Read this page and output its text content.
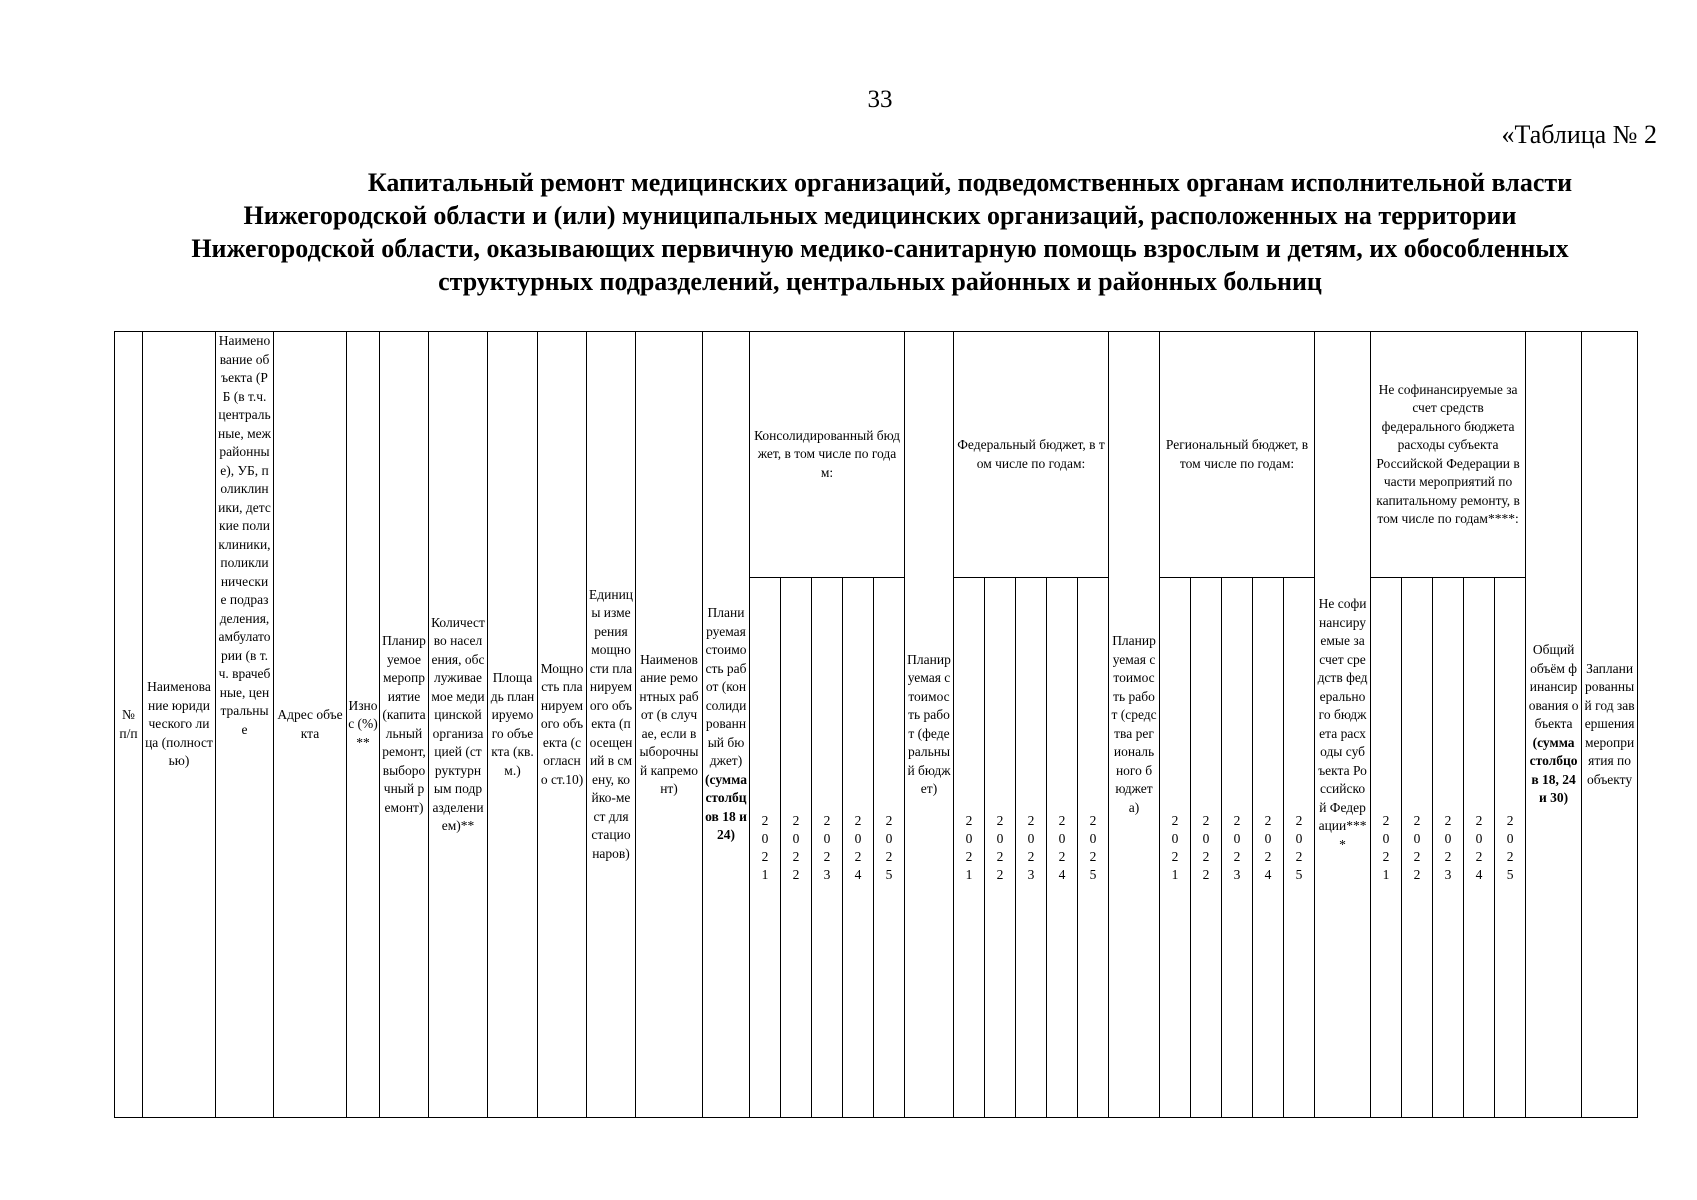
33
«Таблица № 2
Капитальный ремонт медицинских организаций, подведомственных органам исполнительной власти
Нижегородской области и (или) муниципальных медицинских организаций, расположенных на территории
Нижегородской области, оказывающих первичную медико-санитарную помощь взрослым и детям, их обособленных
структурных подразделений, центральных районных и районных больниц
№ п/п	Наименование юридического лица (полностью)	Наименование объекта (РБ (в т.ч. центральные, межрайонные), УБ, поликлиники, детские поликлиники, поликлинические подразделения, амбулатории (в т.ч. врачебные, центральные	Адрес объекта	Износ (%)**	Планируемое мероприятие (капитальный ремонт, выборочный ремонт)	Количество населения, обслуживаемое медицинской организацией (структурным подразделением)**	Площадь планируемого объекта (кв.м.)	Мощность планируемого объекта (согласно ст.10)	Единицы измерения мощности планируемого объекта (посещений в смену, койко-мест для стационаров)	Наименование ремонтных работ (в случае, если выборочный капремонт)	Планируемая стоимость работ (консолидированный бюджет) (сумма столбцов 18 и 24)	Консолидированный бюджет, в том числе по годам:					Планируемая стоимость работ (федеральный бюджет)	Федеральный бюджет, в том числе по годам:					Планируемая стоимость работ (средства регионального бюджета)	Региональный бюджет, в том числе по годам:					Не софинансируемые за счет средств федерального бюджета расходы субъекта Российской Федерации****	Не софинансируемые за счет средств федерального бюджета расходы субъекта Российской Федерации в части мероприятий по капитальному ремонту, в том числе по годам****:					Общий объём финансирования объекта (сумма столбцов 18, 24 и 30)	Запланированный год завершения мероприятия по объекту

												2021	2022	2023	2024	2025		2021	2022	2023	2024	2025		2021	2022	2023	2024	2025		2021	2022	2023	2024	2025		
